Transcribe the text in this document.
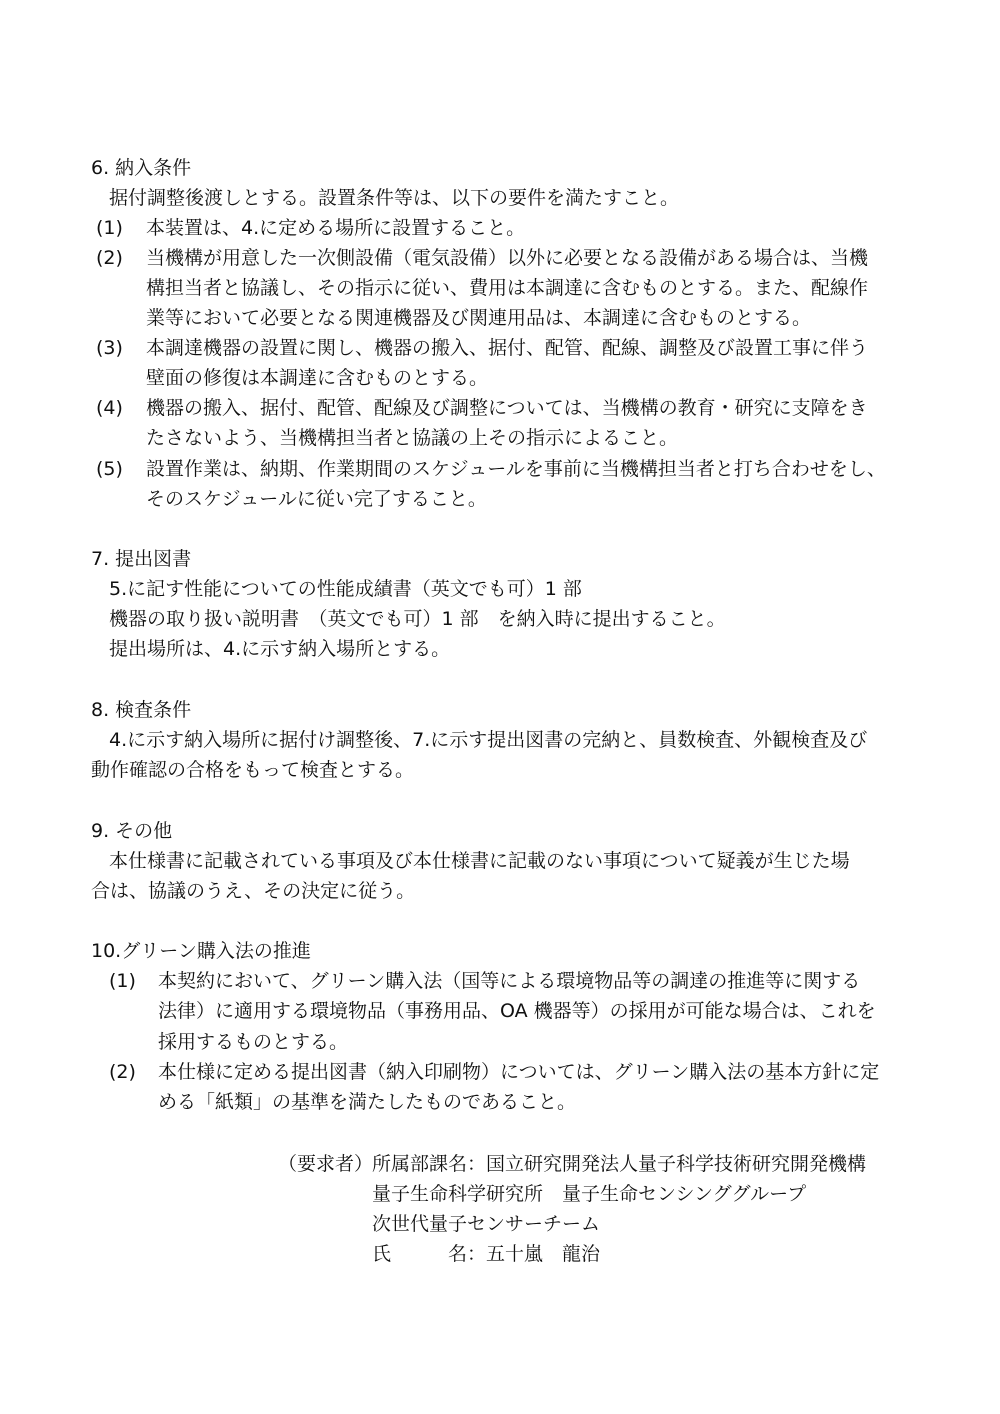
6. 納入条件
据付調整後渡しとする。設置条件等は、以下の要件を満たすこと。
(1) 本装置は、4.に定める場所に設置すること。
(2) 当機構が用意した一次側設備（電気設備）以外に必要となる設備がある場合は、当機
構担当者と協議し、その指示に従い、費用は本調達に含むものとする。また、配線作
業等において必要となる関連機器及び関連用品は、本調達に含むものとする。
(3) 本調達機器の設置に関し、機器の搬入、据付、配管、配線、調整及び設置工事に伴う
壁面の修復は本調達に含むものとする。
(4) 機器の搬入、据付、配管、配線及び調整については、当機構の教育・研究に支障をき
たさないよう、当機構担当者と協議の上その指示によること。
(5) 設置作業は、納期、作業期間のスケジュールを事前に当機構担当者と打ち合わせをし、
そのスケジュールに従い完了すること。
7. 提出図書
5.に記す性能についての性能成績書（英文でも可）1 部
機器の取り扱い説明書　（英文でも可）1 部　を納入時に提出すること。
提出場所は、4.に示す納入場所とする。
8. 検査条件
4.に示す納入場所に据付け調整後、7.に示す提出図書の完納と、員数検査、外観検査及び
動作確認の合格をもって検査とする。
9. その他
本仕様書に記載されている事項及び本仕様書に記載のない事項について疑義が生じた場
合は、協議のうえ、その決定に従う。
10.グリーン購入法の推進
(1) 本契約において、グリーン購入法（国等による環境物品等の調達の推進等に関する
法律）に適用する環境物品（事務用品、OA 機器等）の採用が可能な場合は、これを
採用するものとする。
(2) 本仕様に定める提出図書（納入印刷物）については、グリーン購入法の基本方針に定
める「紙類」の基準を満たしたものであること。
（要求者）
所属部課名： 国立研究開発法人量子科学技術研究開発機構
量子生命科学研究所　量子生命センシンググループ
次世代量子センサーチーム
氏　　　名： 五十嵐　龍治
